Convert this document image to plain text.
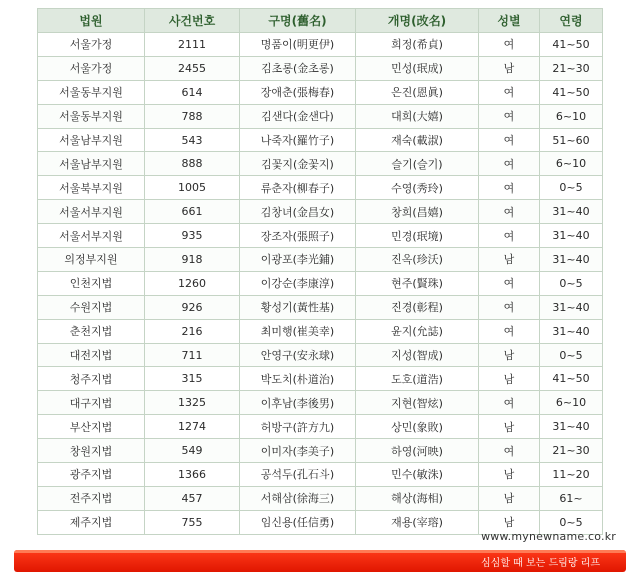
법원	사건번호	구명(舊名)	개명(改名)	성별	연령
서울가정	2111	명품이(明更伊)	희정(希貞)	여	41~50
서울가정	2455	김초롱(金초롱)	민성(珉成)	남	21~30
서울동부지원	614	장애춘(張梅春)	은진(恩眞)	여	41~50
서울동부지원	788	김샌다(金샌다)	대희(大嬉)	여	6~10
서울남부지원	543	나죽자(羅竹子)	재숙(載淑)	여	51~60
서울남부지원	888	김꽃지(金꽃지)	슬기(슬기)	여	6~10
서울북부지원	1005	류춘자(柳春子)	수영(秀玲)	여	0~5
서울서부지원	661	김창녀(金昌女)	창희(昌嬉)	여	31~40
서울서부지원	935	장조자(張照子)	민경(珉境)	여	31~40
의정부지원	918	이광포(李光鋪)	진옥(珍沃)	남	31~40
인천지법	1260	이강순(李康淳)	현주(賢珠)	여	0~5
수원지법	926	황성기(黃性基)	진경(彰程)	여	31~40
춘천지법	216	최미행(崔美幸)	윤지(允誌)	여	31~40
대전지법	711	안영구(安永球)	지성(智成)	남	0~5
청주지법	315	박도치(朴道治)	도호(道浩)	남	41~50
대구지법	1325	이후남(李後男)	지현(智炫)	여	6~10
부산지법	1274	허방구(許方九)	상민(象敗)	남	31~40
창원지법	549	이미자(李美子)	하영(河映)	여	21~30
광주지법	1366	공석두(孔石斗)	민수(敏洙)	남	11~20
전주지법	457	서해삼(徐海三)	해상(海相)	남	61~
제주지법	755	임신용(任信勇)	재용(宰瑢)	남	0~5
www.mynewname.co.kr
심심할 때 보는 드림랑 리프
